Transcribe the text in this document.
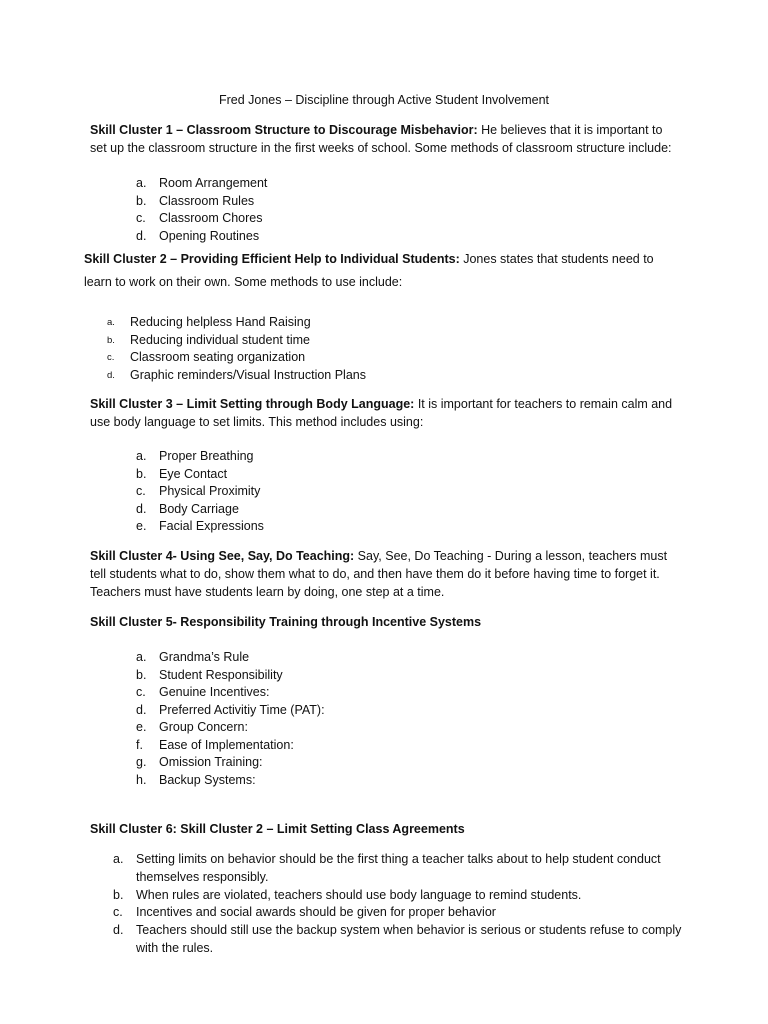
Fred Jones – Discipline through Active Student Involvement
Skill Cluster 1 – Classroom Structure to Discourage Misbehavior: He believes that it is important to set up the classroom structure in the first weeks of school. Some methods of classroom structure include:
a. Room Arrangement
b. Classroom Rules
c. Classroom Chores
d. Opening Routines
Skill Cluster 2 – Providing Efficient Help to Individual Students: Jones states that students need to learn to work on their own. Some methods to use include:
a. Reducing helpless Hand Raising
b. Reducing individual student time
c. Classroom seating organization
d. Graphic reminders/Visual Instruction Plans
Skill Cluster 3 – Limit Setting through Body Language: It is important for teachers to remain calm and use body language to set limits. This method includes using:
a. Proper Breathing
b. Eye Contact
c. Physical Proximity
d. Body Carriage
e. Facial Expressions
Skill Cluster 4- Using See, Say, Do Teaching: Say, See, Do Teaching - During a lesson, teachers must tell students what to do, show them what to do, and then have them do it before having time to forget it. Teachers must have students learn by doing, one step at a time.
Skill Cluster 5- Responsibility Training through Incentive Systems
a. Grandma’s Rule
b. Student Responsibility
c. Genuine Incentives:
d. Preferred Activitiy Time (PAT):
e. Group Concern:
f. Ease of Implementation:
g. Omission Training:
h. Backup Systems:
Skill Cluster 6: Skill Cluster 2 – Limit Setting Class Agreements
a. Setting limits on behavior should be the first thing a teacher talks about to help student conduct themselves responsibly.
b. When rules are violated, teachers should use body language to remind students.
c. Incentives and social awards should be given for proper behavior
d. Teachers should still use the backup system when behavior is serious or students refuse to comply with the rules.
